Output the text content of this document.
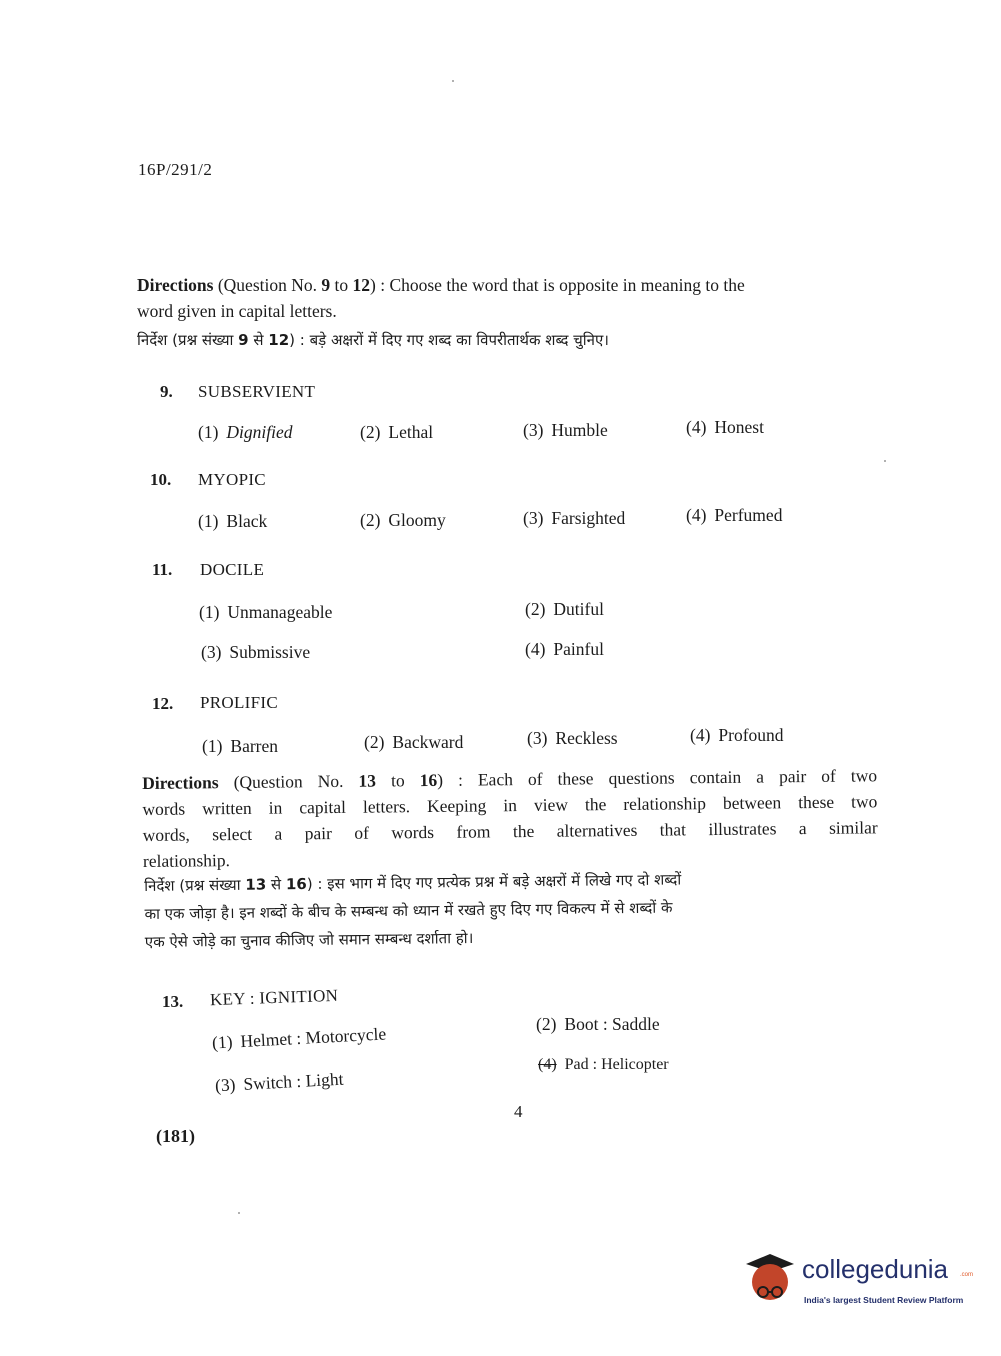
16P/291/2
Directions (Question No. 9 to 12) : Choose the word that is opposite in meaning to the
word given in capital letters.
निर्देश (प्रश्न संख्या 9 से 12) : बड़े अक्षरों में दिए गए शब्द का विपरीतार्थक शब्द चुनिए।
9. SUBSERVIENT
(1) Dignified	(2) Lethal	(3) Humble	(4) Honest
10. MYOPIC
(1) Black	(2) Gloomy	(3) Farsighted	(4) Perfumed
11. DOCILE
(1) Unmanageable	(2) Dutiful
(3) Submissive	(4) Painful
12. PROLIFIC
(1) Barren	(2) Backward	(3) Reckless	(4) Profound
Directions (Question No. 13 to 16) : Each of these questions contain a pair of two
words written in capital letters. Keeping in view the relationship between these two
words, select a pair of words from the alternatives that illustrates a similar
relationship.
निर्देश (प्रश्न संख्या 13 से 16) : इस भाग में दिए गए प्रत्येक प्रश्न में बड़े अक्षरों में लिखे गए दो शब्दों
का एक जोड़ा है। इन शब्दों के बीच के सम्बन्ध को ध्यान में रखते हुए दिए गए विकल्प में से शब्दों के
एक ऐसे जोड़े का चुनाव कीजिए जो समान सम्बन्ध दर्शाता हो।
13. KEY : IGNITION
(1) Helmet : Motorcycle	(2) Boot : Saddle
(3) Switch : Light
(4) Pad : Helicopter
4
(181)
collegedunia .com
India's largest Student Review Platform
